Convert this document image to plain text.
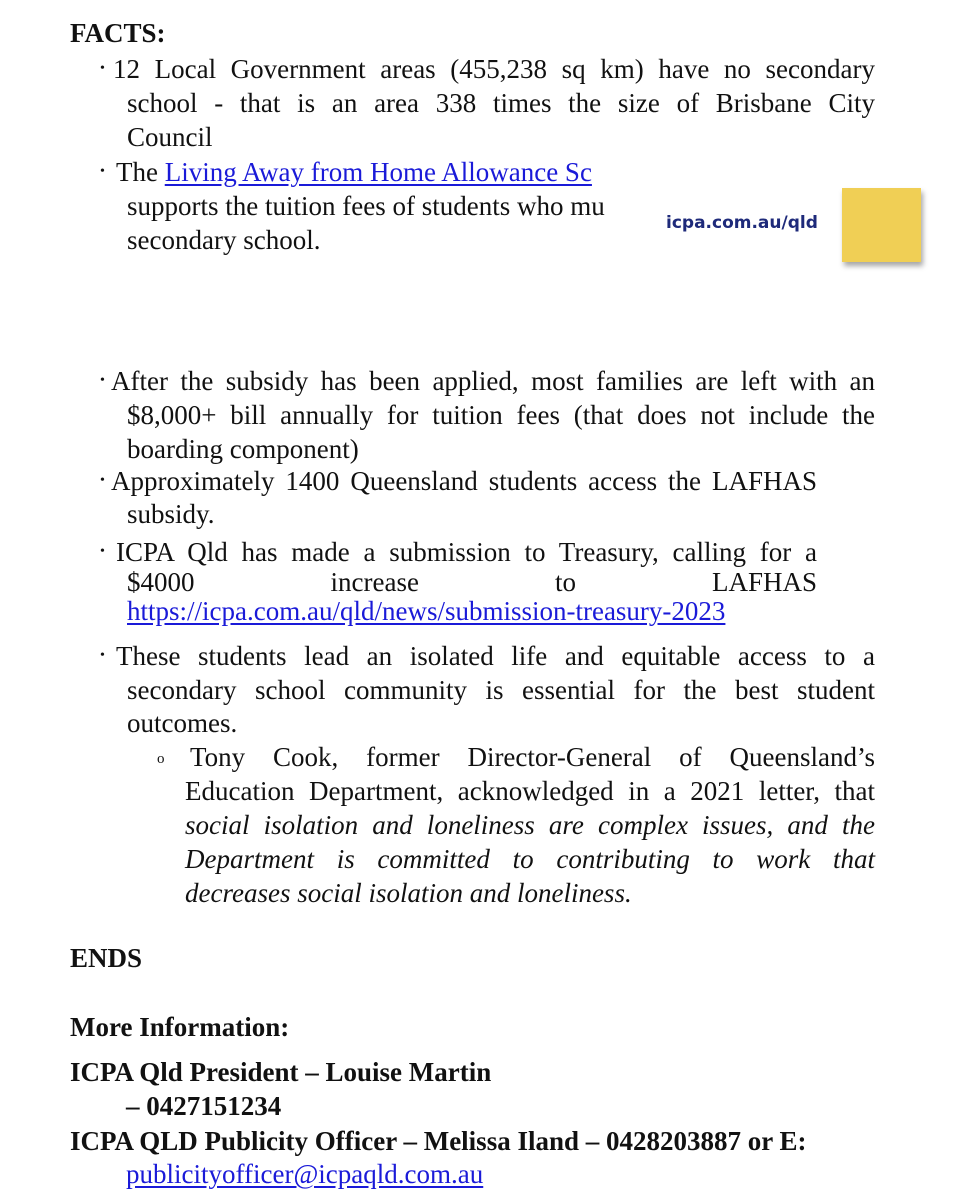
FACTS:
• 12 Local Government areas (455,238 sq km) have no secondary
school - that is an area 338 times the size of Brisbane City
Council
• The Living Away from Home Allowance Sc
supports the tuition fees of students who mu
secondary school.
icpa.com.au/qld
• After the subsidy has been applied, most families are left with an
$8,000+ bill annually for tuition fees (that does not include the
boarding component)
• Approximately 1400 Queensland students access the LAFHAS
subsidy.
• ICPA Qld has made a submission to Treasury, calling for a
$4000	increase	to	LAFHAS
https://icpa.com.au/qld/news/submission-treasury-2023
• These students lead an isolated life and equitable access to a
secondary school community is essential for the best student
outcomes.
o Tony Cook, former Director-General of Queensland’s
Education Department, acknowledged in a 2021 letter, that
social isolation and loneliness are complex issues, and the
Department is committed to contributing to work that
decreases social isolation and loneliness.
ENDS
More Information:
ICPA Qld President – Louise Martin
– 0427151234
ICPA QLD Publicity Officer – Melissa Iland – 0428203887 or E:
publicityofficer@icpaqld.com.au
